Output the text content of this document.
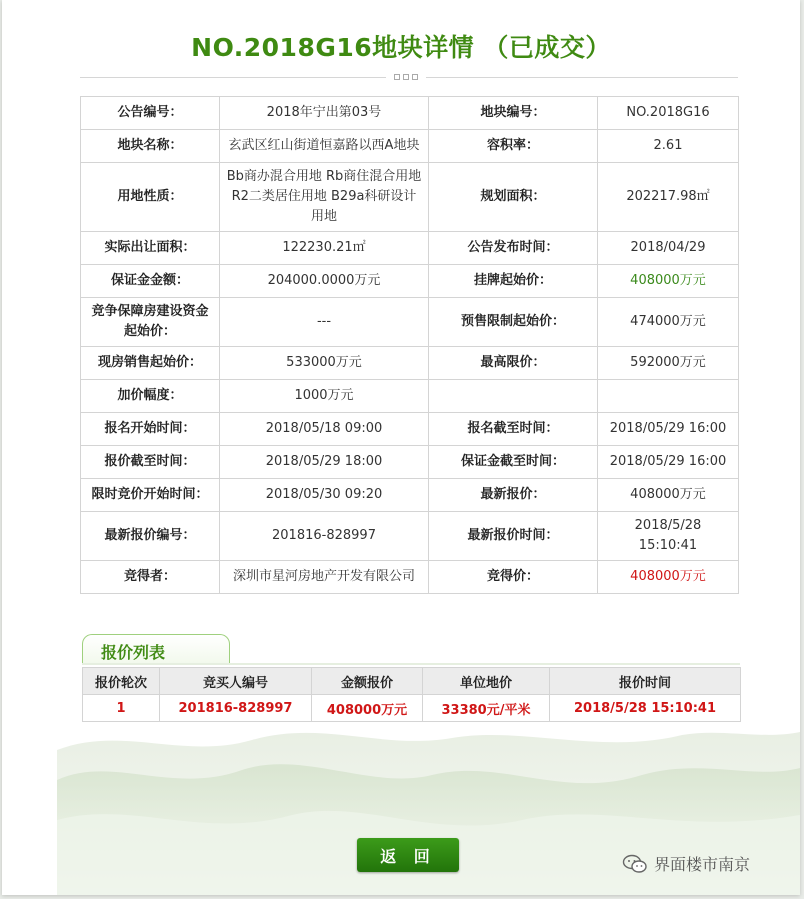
NO.2018G16地块详情 （已成交）
公告编号：	2018年宁出第03号	地块编号：	NO.2018G16
地块名称：	玄武区红山街道恒嘉路以西A地块	容积率：	2.61
用地性质：	Bb商办混合用地 Rb商住混合用地 R2二类居住用地 B29a科研设计用地	规划面积：	202217.98㎡
实际出让面积：	122230.21㎡	公告发布时间：	2018/04/29
保证金金额：	204000.0000万元	挂牌起始价：	408000万元
竞争保障房建设资金起始价：	---	预售限制起始价：	474000万元
现房销售起始价：	533000万元	最高限价：	592000万元
加价幅度：	1000万元		
报名开始时间：	2018/05/18 09:00	报名截至时间：	2018/05/29 16:00
报价截至时间：	2018/05/29 18:00	保证金截至时间：	2018/05/29 16:00
限时竞价开始时间：	2018/05/30 09:20	最新报价：	408000万元
最新报价编号：	201816-828997	最新报价时间：	2018/5/28 15:10:41
竞得者：	深圳市星河房地产开发有限公司	竞得价：	408000万元
报价列表
报价轮次	竞买人编号	金额报价	单位地价	报价时间
1	201816-828997	408000万元	33380元/平米	2018/5/28 15:10:41
返 回	界面楼市南京
